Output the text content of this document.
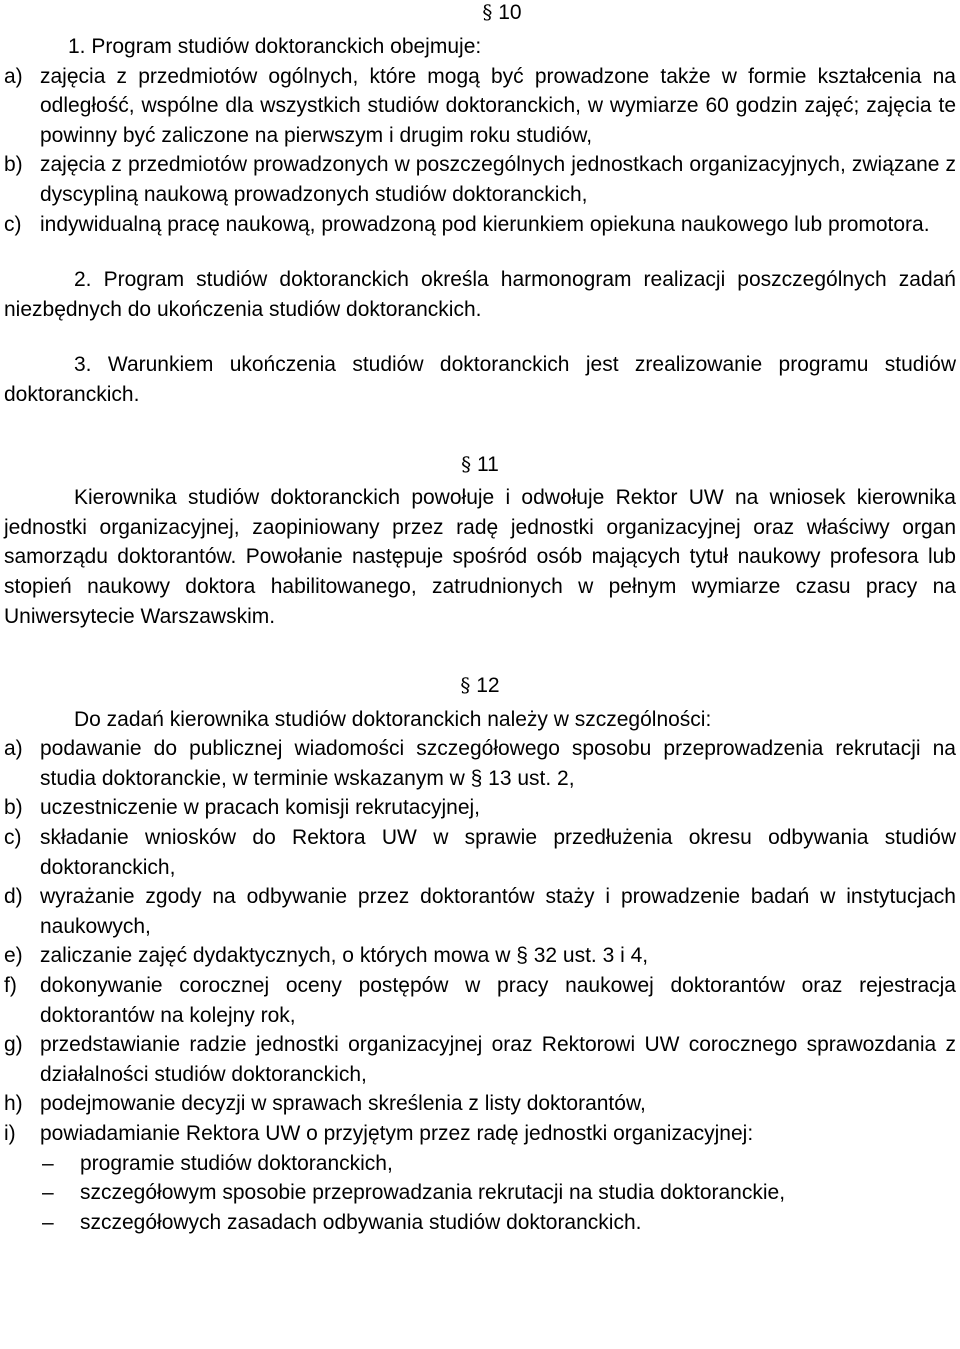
§ 10
1. Program studiów doktoranckich obejmuje:
a) zajęcia z przedmiotów ogólnych, które mogą być prowadzone także w formie kształcenia na odległość, wspólne dla wszystkich studiów doktoranckich, w wymiarze 60 godzin zajęć; zajęcia te powinny być zaliczone na pierwszym i drugim roku studiów,
b) zajęcia z przedmiotów prowadzonych w poszczególnych jednostkach organizacyjnych, związane z dyscypliną naukową prowadzonych studiów doktoranckich,
c) indywidualną pracę naukową, prowadzoną pod kierunkiem opiekuna naukowego lub promotora.
2. Program studiów doktoranckich określa harmonogram realizacji poszczególnych zadań niezbędnych do ukończenia studiów doktoranckich.
3. Warunkiem ukończenia studiów doktoranckich jest zrealizowanie programu studiów doktoranckich.
§ 11
Kierownika studiów doktoranckich powołuje i odwołuje Rektor UW na wniosek kierownika jednostki organizacyjnej, zaopiniowany przez radę jednostki organizacyjnej oraz właściwy organ samorządu doktorantów. Powołanie następuje spośród osób mających tytuł naukowy profesora lub stopień naukowy doktora habilitowanego, zatrudnionych w pełnym wymiarze czasu pracy na Uniwersytecie Warszawskim.
§ 12
Do zadań kierownika studiów doktoranckich należy w szczególności:
a) podawanie do publicznej wiadomości szczegółowego sposobu przeprowadzenia rekrutacji na studia doktoranckie, w terminie wskazanym w § 13 ust. 2,
b) uczestniczenie w pracach komisji rekrutacyjnej,
c) składanie wniosków do Rektora UW w sprawie przedłużenia okresu odbywania studiów doktoranckich,
d) wyrażanie zgody na odbywanie przez doktorantów staży i prowadzenie badań w instytucjach naukowych,
e) zaliczanie zajęć dydaktycznych, o których mowa w § 32 ust. 3 i 4,
f)	dokonywanie corocznej oceny postępów w pracy naukowej doktorantów oraz rejestracja doktorantów na kolejny rok,
g) przedstawianie radzie jednostki organizacyjnej oraz Rektorowi UW corocznego sprawozdania z działalności studiów doktoranckich,
h) podejmowanie decyzji w sprawach skreślenia z listy doktorantów,
i)	powiadamianie Rektora UW o przyjętym przez radę jednostki organizacyjnej:
–	programie studiów doktoranckich,
–	szczegółowym sposobie przeprowadzania rekrutacji na studia doktoranckie,
–	szczegółowych zasadach odbywania studiów doktoranckich.
